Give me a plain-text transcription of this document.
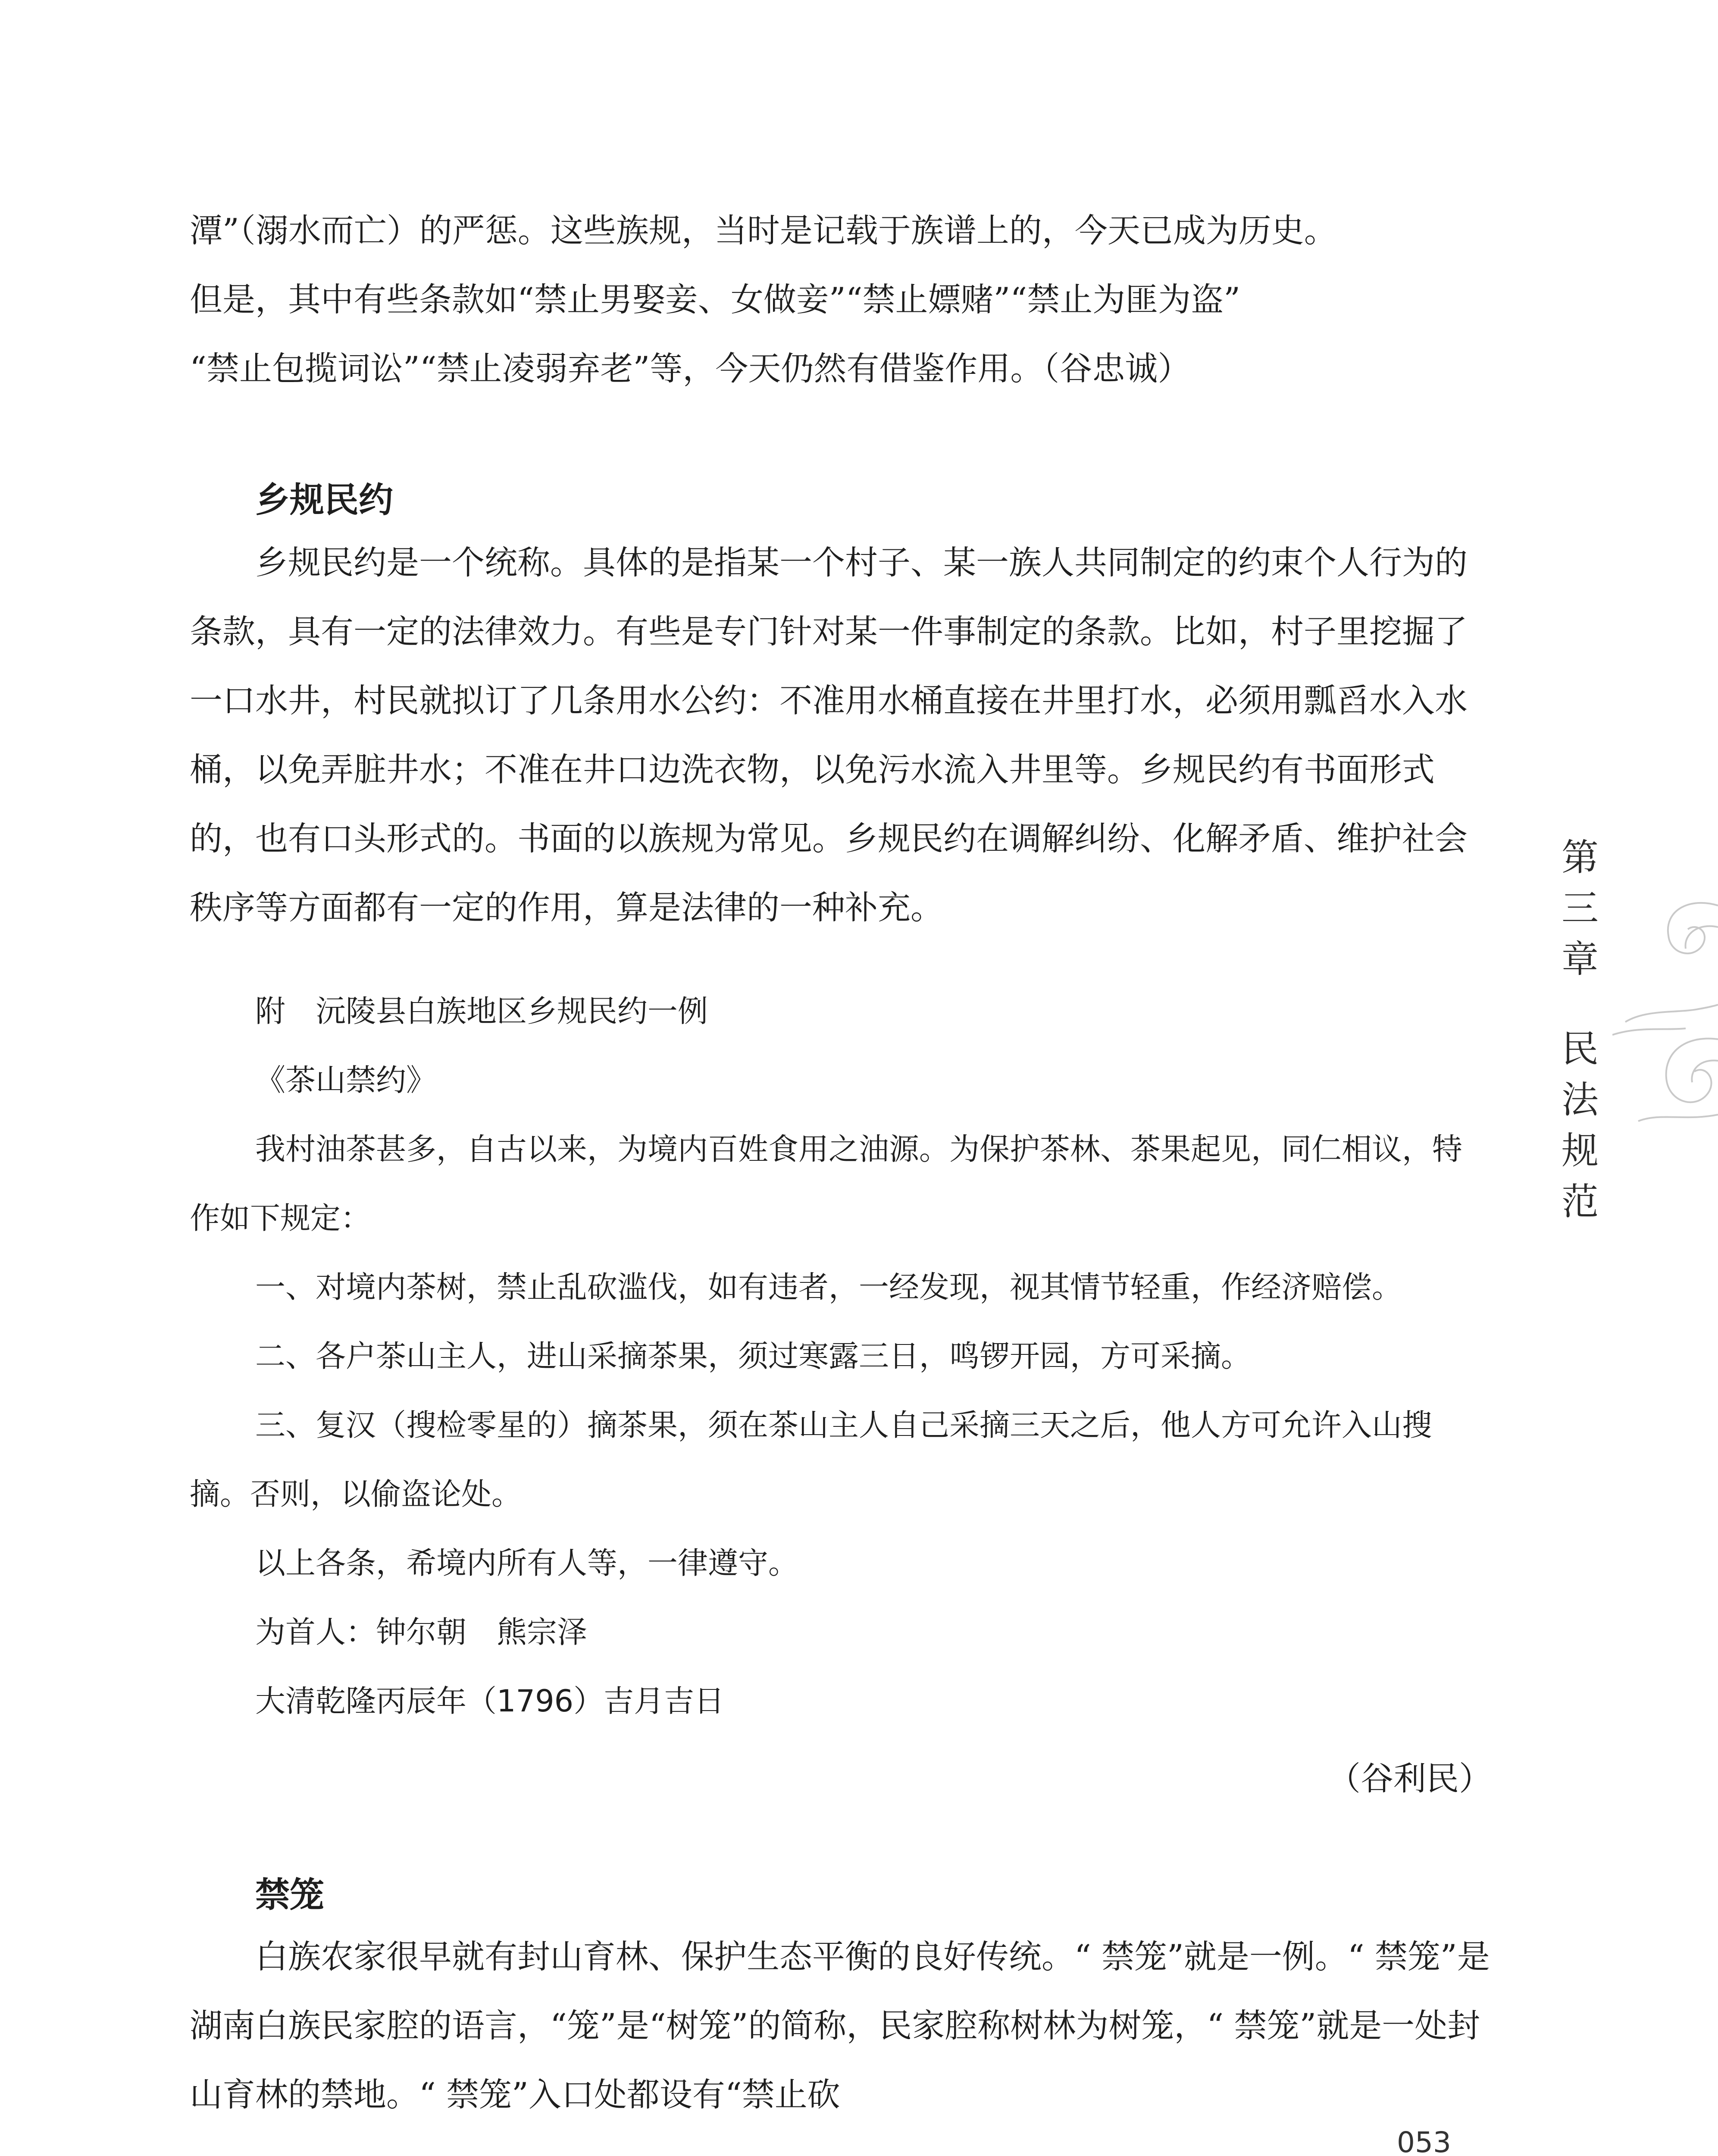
潭”（溺水而亡）的严惩。这些族规，当时是记载于族谱上的，今天已成为历史。

但是，其中有些条款如“禁止男娶妾、女做妾”“禁止嫖赌”“禁止为匪为盗”

“禁止包揽词讼”“禁止凌弱弃老”等，今天仍然有借鉴作用。（谷忠诚）

乡规民约

乡规民约是一个统称。具体的是指某一个村子、某一族人共同制定的约束个人行为的条款，具有一定的法律效力。有些是专门针对某一件事制定的条款。比如，村子里挖掘了一口水井，村民就拟订了几条用水公约：不准用水桶直接在井里打水，必须用瓢舀水入水桶，以免弄脏井水；不准在井口边洗衣物，以免污水流入井里等。乡规民约有书面形式的，也有口头形式的。书面的以族规为常见。乡规民约在调解纠纷、化解矛盾、维护社会秩序等方面都有一定的作用，算是法律的一种补充。

附　沅陵县白族地区乡规民约一例

《茶山禁约》

我村油茶甚多，自古以来，为境内百姓食用之油源。为保护茶林、茶果起见，同仁相议，特作如下规定：

一、对境内茶树，禁止乱砍滥伐，如有违者，一经发现，视其情节轻重，作经济赔偿。

二、各户茶山主人，进山采摘茶果，须过寒露三日，鸣锣开园，方可采摘。

三、复汉（搜检零星的）摘茶果，须在茶山主人自己采摘三天之后，他人方可允许入山搜摘。否则，以偷盗论处。

以上各条，希境内所有人等，一律遵守。

为首人：钟尔朝　熊宗泽

大清乾隆丙辰年（1796）吉月吉日

（谷利民）
禁笼

白族农家很早就有封山育林、保护生态平衡的良好传统。“ 禁笼”就是一例。“ 禁笼”是湖南白族民家腔的语言，“笼”是“树笼”的简称，民家腔称树林为树笼，“ 禁笼”就是一处封山育林的禁地。“ 禁笼”入口处都设有“禁止砍

第三章
民法规范
053
